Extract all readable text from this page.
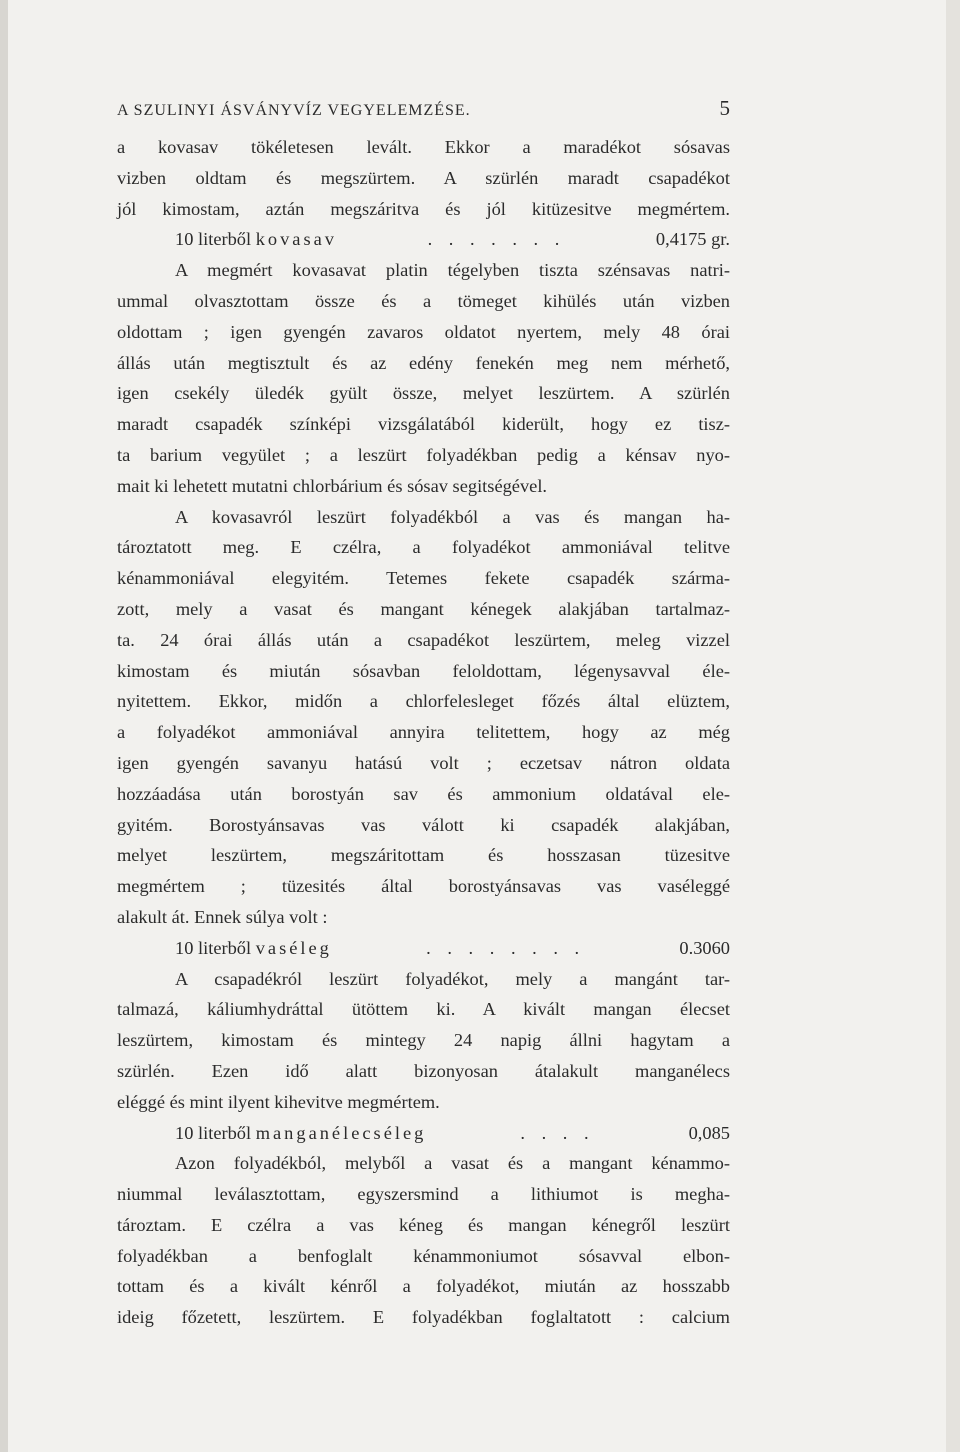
A SZULINYI ÁSVÁNYVÍZ VEGYELEMZÉSE.	5
a kovasav tökéletesen levált. Ekkor a maradékot sósavas
vizben oldtam és megszürtem. A szürlén maradt csapadékot
jól kimostam, aztán megszáritva és jól kitüzesitve megmértem.
10 literből kovasav	. . . . . . .	0,4175 gr.
A megmért kovasavat platin tégelyben tiszta szénsavas natri-
ummal olvasztottam össze és a tömeget kihülés után vizben
oldottam ; igen gyengén zavaros oldatot nyertem, mely 48 órai
állás után megtisztult és az edény fenekén meg nem mérhető,
igen csekély üledék gyült össze, melyet leszürtem. A szürlén
maradt csapadék színképi vizsgálatából kiderült, hogy ez tisz-
ta barium vegyület ; a leszürt folyadékban pedig a kénsav nyo-
mait ki lehetett mutatni chlorbárium és sósav segitségével.
A kovasavról leszürt folyadékból a vas és mangan ha-
tároztatott meg. E czélra, a folyadékot ammoniával telitve
kénammoniával elegyitém. Tetemes fekete csapadék szárma-
zott, mely a vasat és mangant kénegek alakjában tartalmaz-
ta. 24 órai állás után a csapadékot leszürtem, meleg vizzel
kimostam és miután sósavban feloldottam, légenysavval éle-
nyitettem. Ekkor, midőn a chlorfelesleget főzés által elüztem,
a folyadékot ammoniával annyira telitettem, hogy az még
igen gyengén savanyu hatású volt ; eczetsav nátron oldata
hozzáadása után borostyán sav és ammonium oldatával ele-
gyitém. Borostyánsavas vas válott ki csapadék alakjában,
melyet leszürtem, megszáritottam és hosszasan tüzesitve
megmértem ; tüzesités által borostyánsavas vas vaséleggé
alakult át. Ennek súlya volt :
10 literből vaséleg	. . . . . . . .	0.3060
A csapadékról leszürt folyadékot, mely a mangánt tar-
talmazá, káliumhydráttal ütöttem ki. A kivált mangan élecset
leszürtem, kimostam és mintegy 24 napig állni hagytam a
szürlén. Ezen idő alatt bizonyosan átalakult manganélecs
eléggé és mint ilyent kihevitve megmértem.
10 literből manganélecséleg	. . . .	0,085
Azon folyadékból, melyből a vasat és a mangant kénammo-
niummal leválasztottam, egyszersmind a lithiumot is megha-
tároztam. E czélra a vas kéneg és mangan kénegről leszürt
folyadékban a benfoglalt kénammoniumot sósavval elbon-
tottam és a kivált kénről a folyadékot, miután az hosszabb
ideig főzetett, leszürtem. E folyadékban foglaltatott : calcium
